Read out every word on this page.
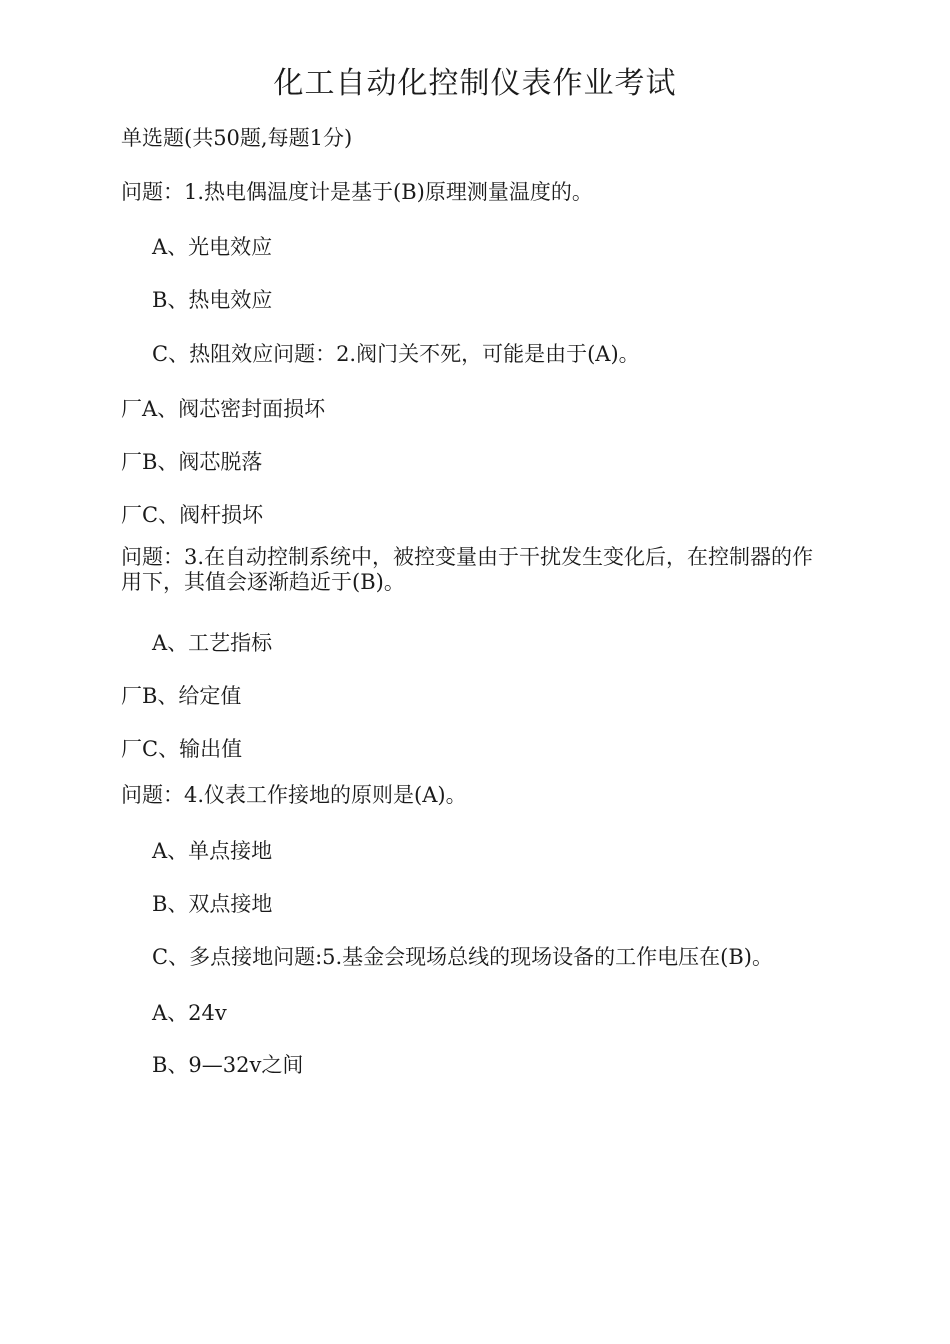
化工自动化控制仪表作业考试
单选题(共50题,每题1分)
问题：1.热电偶温度计是基于(B)原理测量温度的。
A、光电效应
B、热电效应
C、热阻效应问题：2.阀门关不死，可能是由于(A)。
厂A、阀芯密封面损坏
厂B、阀芯脱落
厂C、阀杆损坏
问题：3.在自动控制系统中，被控变量由于干扰发生变化后，在控制器的作用下，其值会逐渐趋近于(B)。
A、工艺指标
厂B、给定值
厂C、输出值
问题：4.仪表工作接地的原则是(A)。
A、单点接地
B、双点接地
C、多点接地问题:5.基金会现场总线的现场设备的工作电压在(B)。
A、24v
B、9—32v之间
